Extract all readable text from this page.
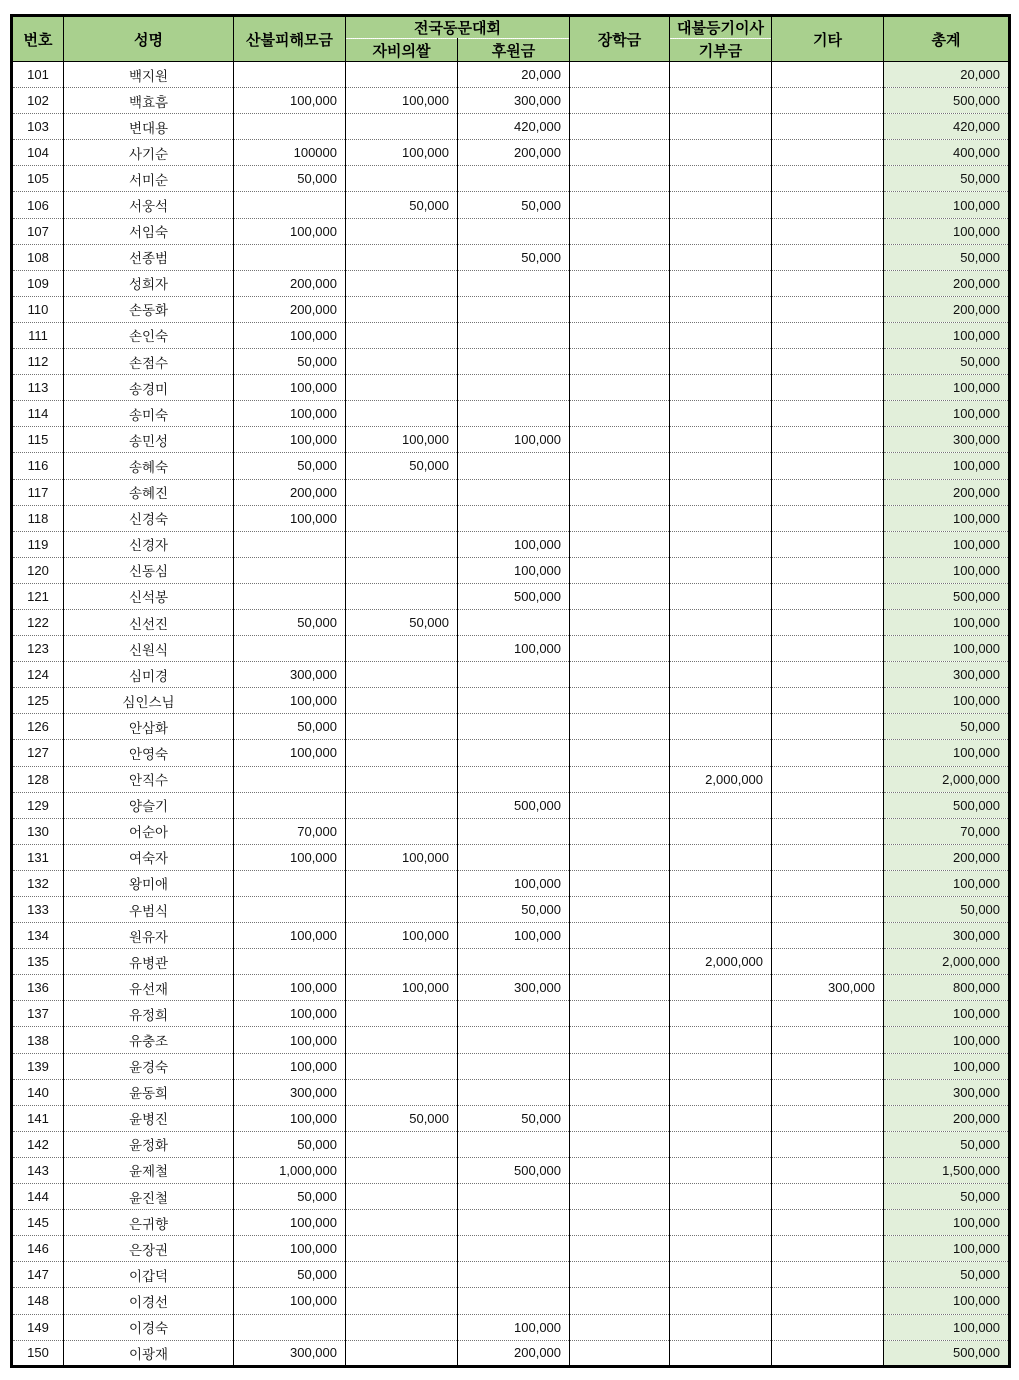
번호	성명	산불피해모금	전국동문대회		장학금	대불등기이사	기타	총계
			자비의쌀	후원금		기부금		
101	백지원			20,000				20,000
102	백효흠	100,000	100,000	300,000				500,000
103	변대용			420,000				420,000
104	사기순	100000	100,000	200,000				400,000
105	서미순	50,000						50,000
106	서웅석		50,000	50,000				100,000
107	서임숙	100,000						100,000
108	선종범			50,000				50,000
109	성희자	200,000						200,000
110	손동화	200,000						200,000
111	손인숙	100,000						100,000
112	손점수	50,000						50,000
113	송경미	100,000						100,000
114	송미숙	100,000						100,000
115	송민성	100,000	100,000	100,000				300,000
116	송혜숙	50,000	50,000					100,000
117	송혜진	200,000						200,000
118	신경숙	100,000						100,000
119	신경자			100,000				100,000
120	신동심			100,000				100,000
121	신석봉			500,000				500,000
122	신선진	50,000	50,000					100,000
123	신원식			100,000				100,000
124	심미경	300,000						300,000
125	심인스님	100,000						100,000
126	안삼화	50,000						50,000
127	안영숙	100,000						100,000
128	안직수					2,000,000		2,000,000
129	양슬기			500,000				500,000
130	어순아	70,000						70,000
131	여숙자	100,000	100,000					200,000
132	왕미애			100,000				100,000
133	우범식			50,000				50,000
134	원유자	100,000	100,000	100,000				300,000
135	유병관					2,000,000		2,000,000
136	유선재	100,000	100,000	300,000			300,000	800,000
137	유정희	100,000						100,000
138	유충조	100,000						100,000
139	윤경숙	100,000						100,000
140	윤동희	300,000						300,000
141	윤병진	100,000	50,000	50,000				200,000
142	윤정화	50,000						50,000
143	윤제철	1,000,000		500,000				1,500,000
144	윤진철	50,000						50,000
145	은귀향	100,000						100,000
146	은장권	100,000						100,000
147	이갑덕	50,000						50,000
148	이경선	100,000						100,000
149	이경숙			100,000				100,000
150	이광재	300,000		200,000				500,000
